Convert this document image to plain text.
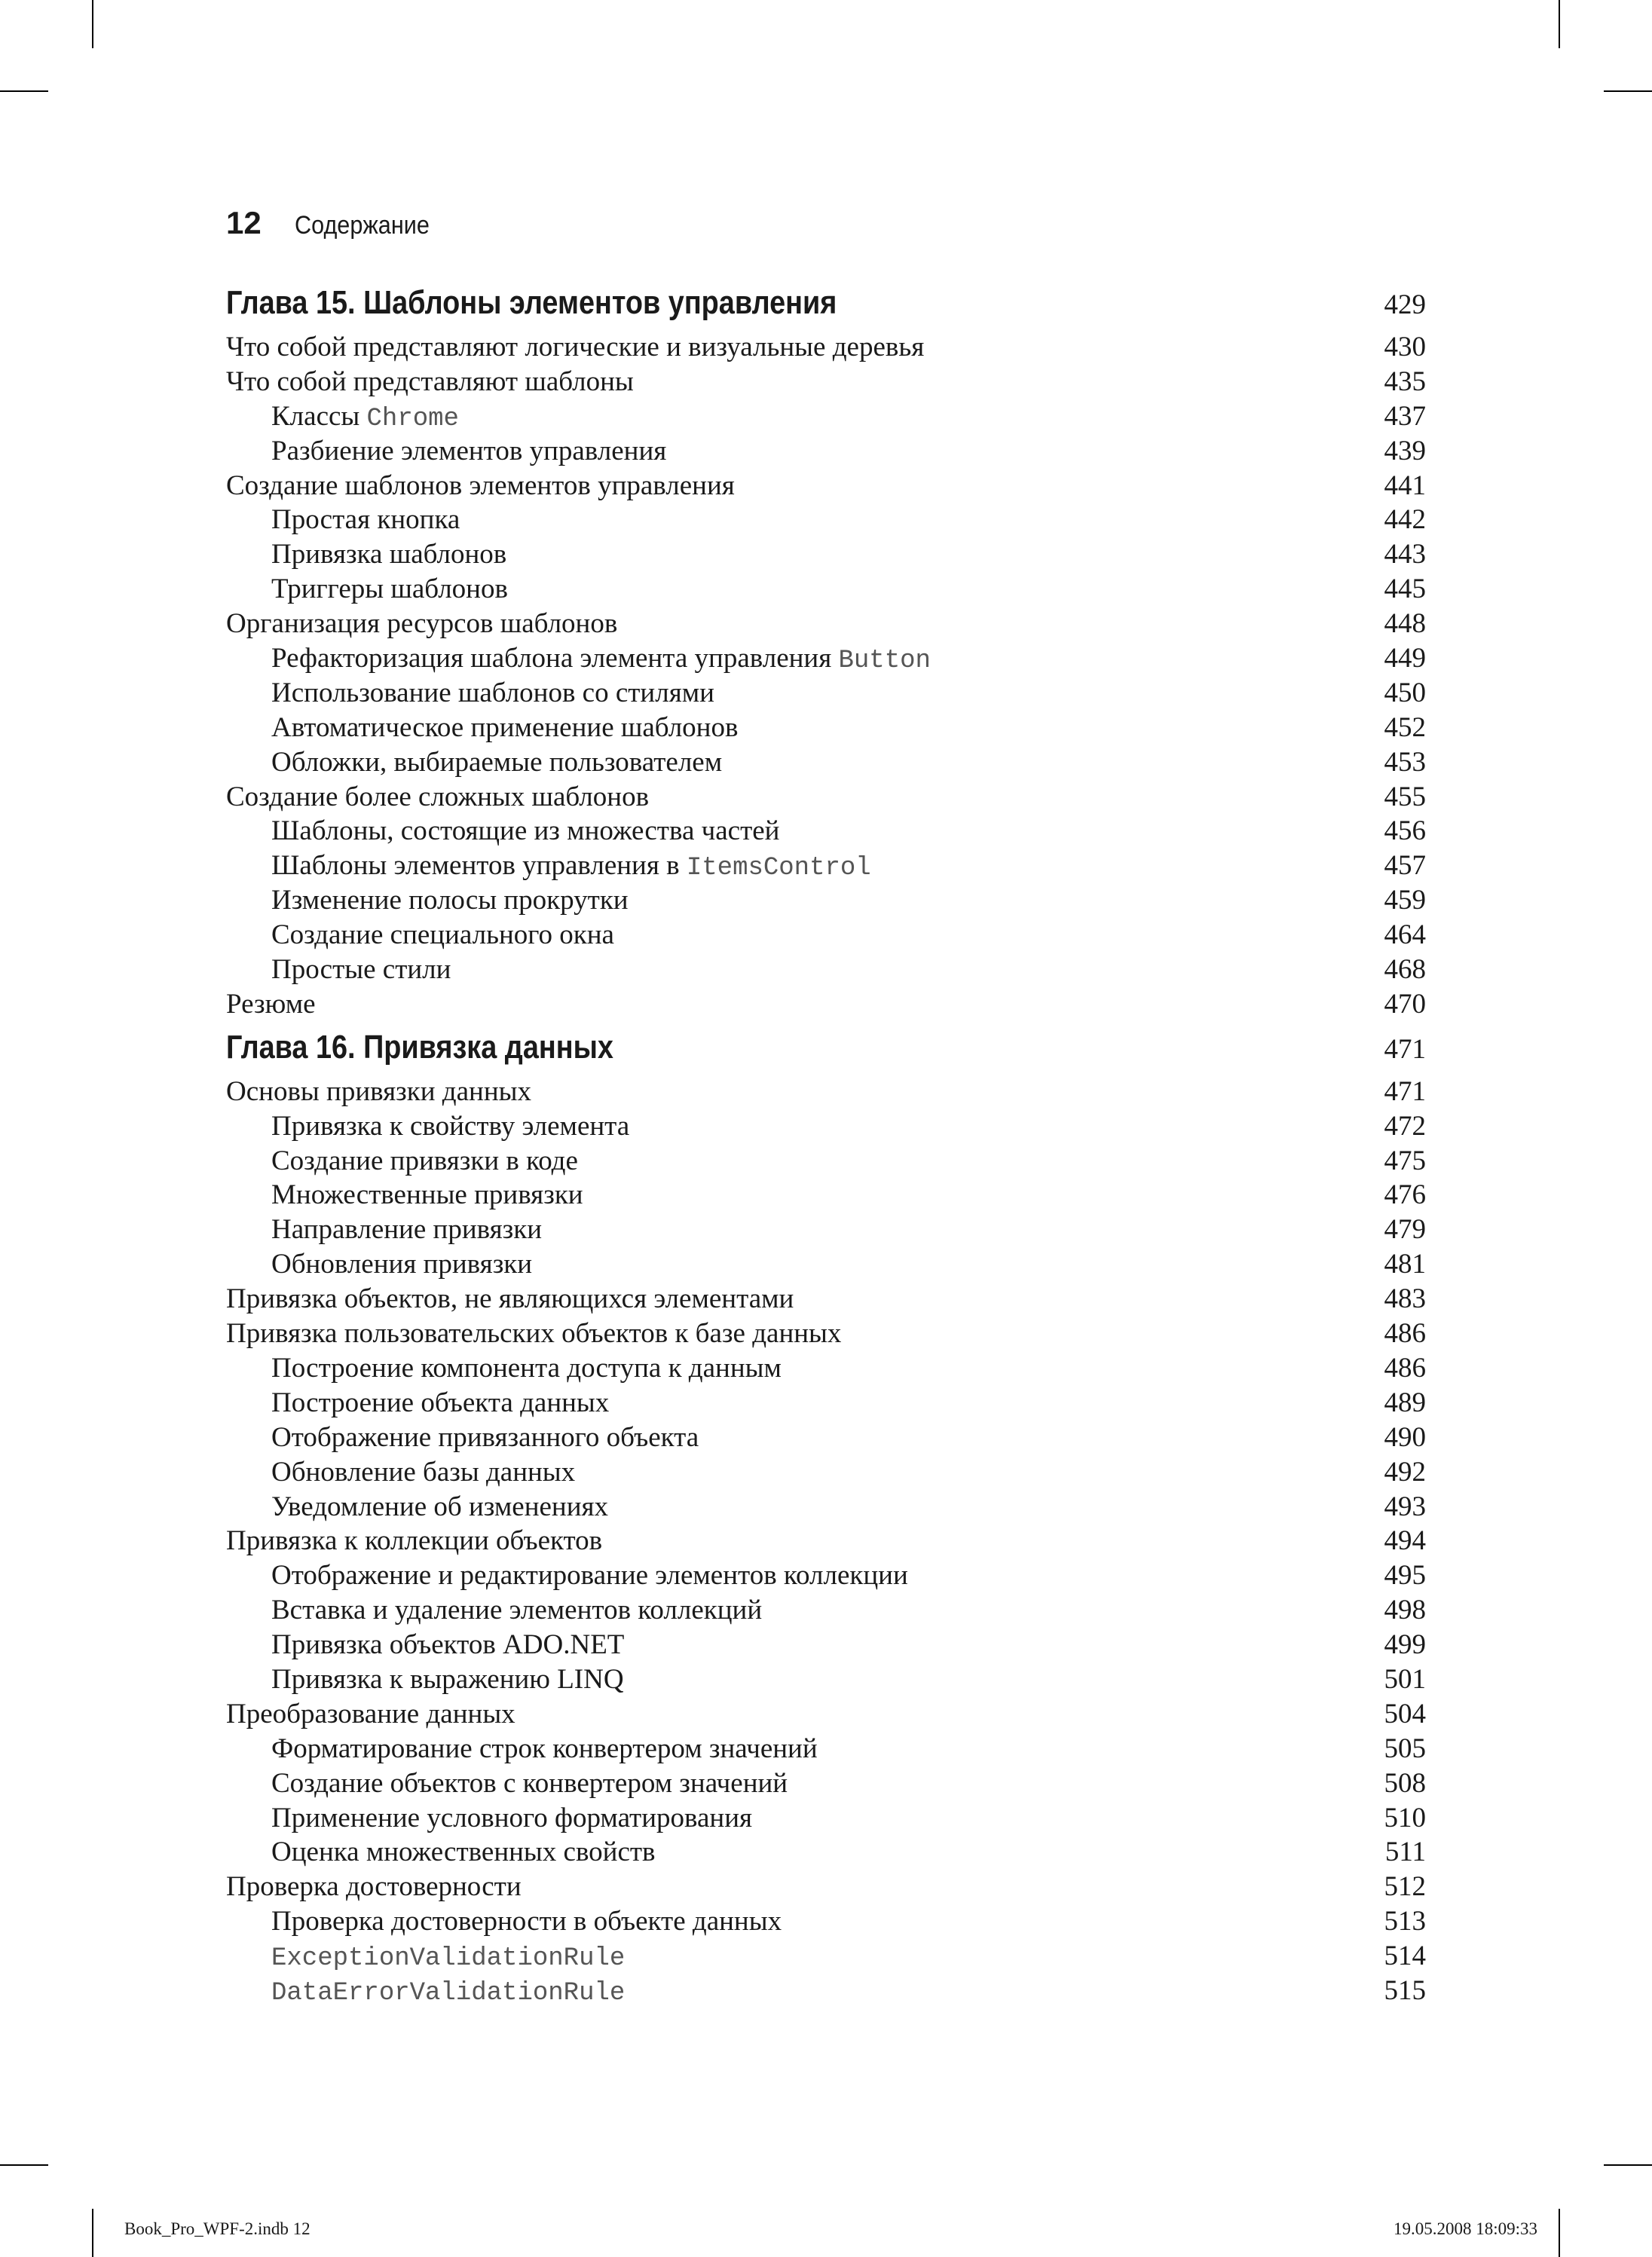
12 Содержание
Глава 15. Шаблоны элементов управления	429
Что собой представляют логические и визуальные деревья	430
Что собой представляют шаблоны	435
Классы Chrome	437
Разбиение элементов управления	439
Создание шаблонов элементов управления	441
Простая кнопка	442
Привязка шаблонов	443
Триггеры шаблонов	445
Организация ресурсов шаблонов	448
Рефакторизация шаблона элемента управления Button	449
Использование шаблонов со стилями	450
Автоматическое применение шаблонов	452
Обложки, выбираемые пользователем	453
Создание более сложных шаблонов	455
Шаблоны, состоящие из множества частей	456
Шаблоны элементов управления в ItemsControl	457
Изменение полосы прокрутки	459
Создание специального окна	464
Простые стили	468
Резюме	470
Глава 16. Привязка данных	471
Основы привязки данных	471
Привязка к свойству элемента	472
Создание привязки в коде	475
Множественные привязки	476
Направление привязки	479
Обновления привязки	481
Привязка объектов, не являющихся элементами	483
Привязка пользовательских объектов к базе данных	486
Построение компонента доступа к данным	486
Построение объекта данных	489
Отображение привязанного объекта	490
Обновление базы данных	492
Уведомление об изменениях	493
Привязка к коллекции объектов	494
Отображение и редактирование элементов коллекции	495
Вставка и удаление элементов коллекций	498
Привязка объектов ADO.NET	499
Привязка к выражению LINQ	501
Преобразование данных	504
Форматирование строк конвертером значений	505
Создание объектов с конвертером значений	508
Применение условного форматирования	510
Оценка множественных свойств	511
Проверка достоверности	512
Проверка достоверности в объекте данных	513
ExceptionValidationRule	514
DataErrorValidationRule	515
Book_Pro_WPF-2.indb 12	19.05.2008 18:09:33
